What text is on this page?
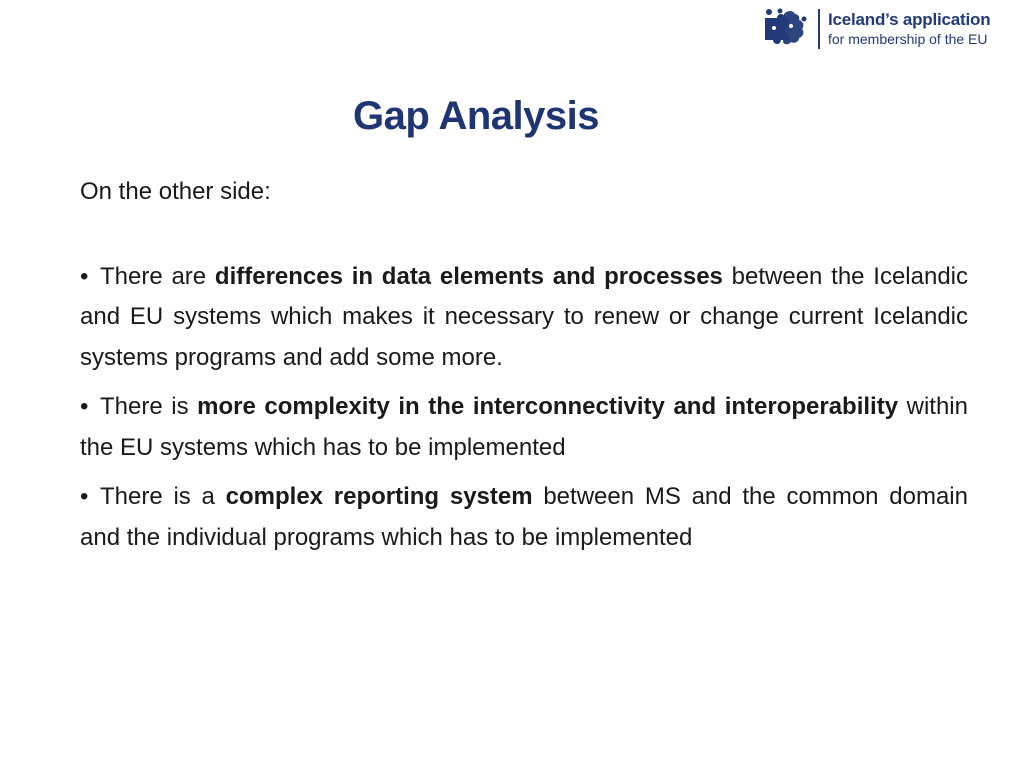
Iceland’s application
for membership of the EU
Gap Analysis

On the other side:

• There are differences in data elements and processes between the Icelandic and EU systems which makes it necessary to renew or change current Icelandic systems programs and add some more.

• There is more complexity in the interconnectivity and interoperability within the EU systems which has to be implemented

• There is a complex reporting system between MS and the common domain and the individual programs which has to be implemented
